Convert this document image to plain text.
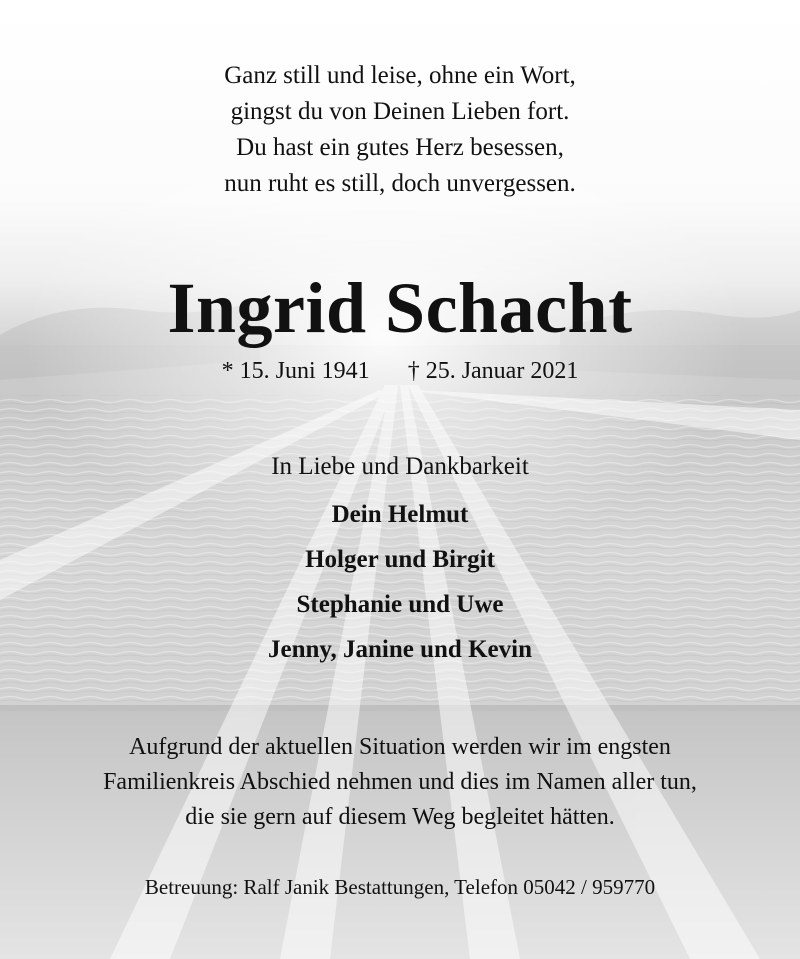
Ganz still und leise, ohne ein Wort,
gingst du von Deinen Lieben fort.
Du hast ein gutes Herz besessen,
nun ruht es still, doch unvergessen.
Ingrid Schacht
* 15. Juni 1941 † 25. Januar 2021
In Liebe und Dankbarkeit
Dein Helmut
Holger und Birgit
Stephanie und Uwe
Jenny, Janine und Kevin
Aufgrund der aktuellen Situation werden wir im engsten
Familienkreis Abschied nehmen und dies im Namen aller tun,
die sie gern auf diesem Weg begleitet hätten.
Betreuung: Ralf Janik Bestattungen, Telefon 05042 / 959770
